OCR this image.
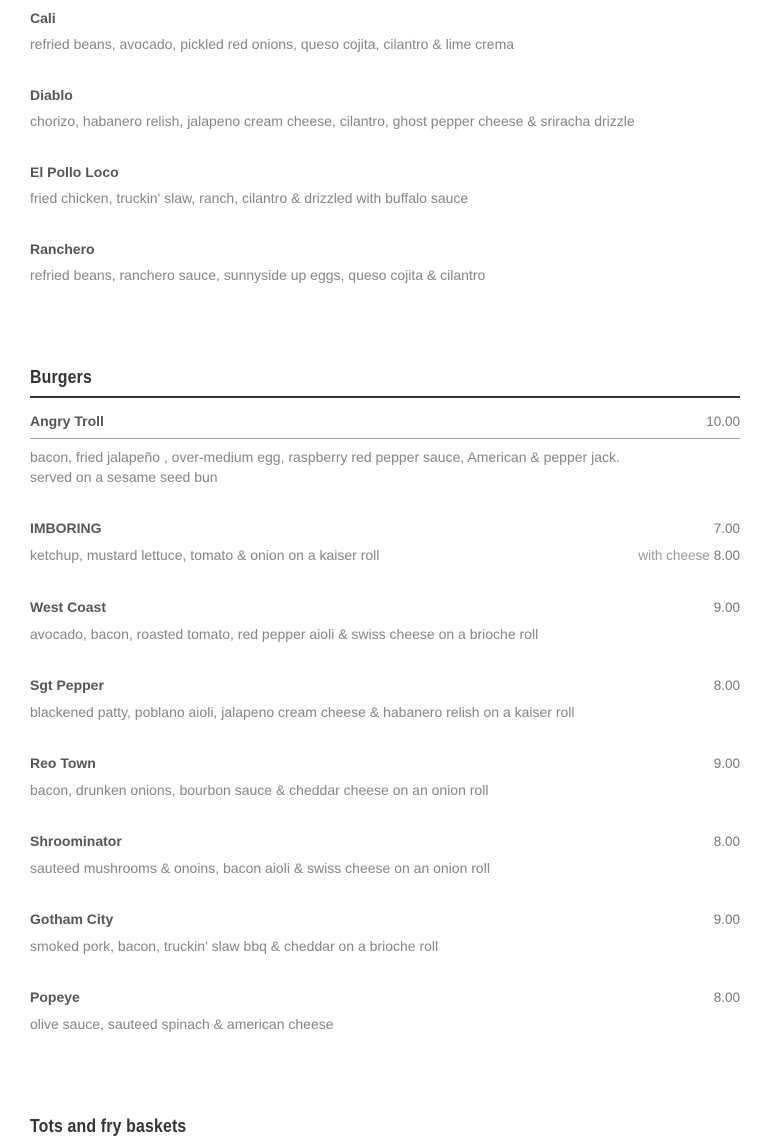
Cali
refried beans, avocado, pickled red onions, queso cojita, cilantro & lime crema
Diablo
chorizo, habanero relish, jalapeno cream cheese, cilantro, ghost pepper cheese & sriracha drizzle
El Pollo Loco
fried chicken, truckin' slaw, ranch, cilantro & drizzled with buffalo sauce
Ranchero
refried beans, ranchero sauce, sunnyside up eggs, queso cojita & cilantro
Burgers
Angry Troll	10.00
bacon, fried jalapeño , over-medium egg, raspberry red pepper sauce, American & pepper jack.
served on a sesame seed bun
IMBORING	7.00
ketchup, mustard lettuce, tomato & onion on a kaiser roll	with cheese 8.00
West Coast	9.00
avocado, bacon, roasted tomato, red pepper aioli & swiss cheese on a brioche roll
Sgt Pepper	8.00
blackened patty, poblano aioli, jalapeno cream cheese & habanero relish on a kaiser roll
Reo Town	9.00
bacon, drunken onions, bourbon sauce & cheddar cheese on an onion roll
Shroominator	8.00
sauteed mushrooms & onoins, bacon aioli & swiss cheese on an onion roll
Gotham City	9.00
smoked pork, bacon, truckin' slaw bbq & cheddar on a brioche roll
Popeye	8.00
olive sauce, sauteed spinach & american cheese
Tots and fry baskets
